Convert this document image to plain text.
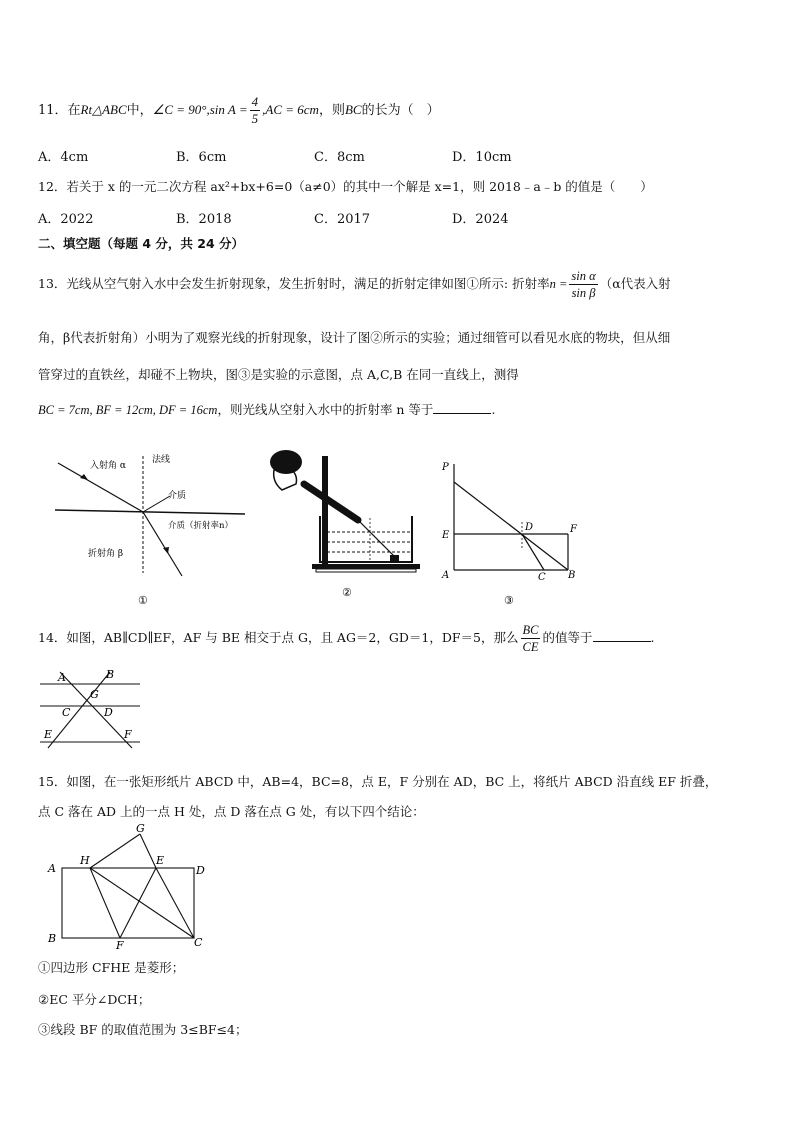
11．在Rt△ABC中，∠C = 90°,sin $A = \frac{4}{5} ,AC = 6cm$，则BC的长为（　）
A．4cm	B．6cm	C．8cm	D．10cm
12．若关于 x 的一元二次方程 ax²+bx+6=0（a≠0）的其中一个解是 x=1，则 2018﹣a﹣b 的值是（　　）
A．2022	B．2018	C．2017	D．2024
二、填空题（每题 4 分，共 24 分）
13．光线从空气射入水中会发生折射现象，发生折射时，满足的折射定律如图①所示: 折射率$n = \frac{\text{sin α}}{\text{sin β}} (\alpha$代表入射
角，β代表折射角）小明为了观察光线的折射现象，设计了图②所示的实验；通过细管可以看见水底的物块，但从细
管穿过的直铁丝，却碰不上物块，图③是实验的示意图，点 A,C,B 在同一直线上，测得
BC = 7cm, BF = 12cm, DF = 16cm，则光线从空射入水中的折射率 n 等于	.
入射角 α
法线
介质
介质（折射率n）
折射角 β
①
②
P
E
D	F
A	C B
③
14．如图，AB∥CD∥EF，AF 与 BE 相交于点 G，且 AG＝2，GD＝1，DF＝5，那么 $\frac{BC}{CE}$ 的值等于	.
A	B
G
C	D
E	F
15．如图，在一张矩形纸片 ABCD 中，AB=4，BC=8，点 E，F 分别在 AD，BC 上，将纸片 ABCD 沿直线 EF 折叠，
点 C 落在 AD 上的一点 H 处，点 D 落在点 G 处，有以下四个结论：
G
H	E
A	D
B
F	C
①四边形 CFHE 是菱形；
②EC 平分∠DCH；
③线段 BF 的取值范围为 3≤BF≤4；
